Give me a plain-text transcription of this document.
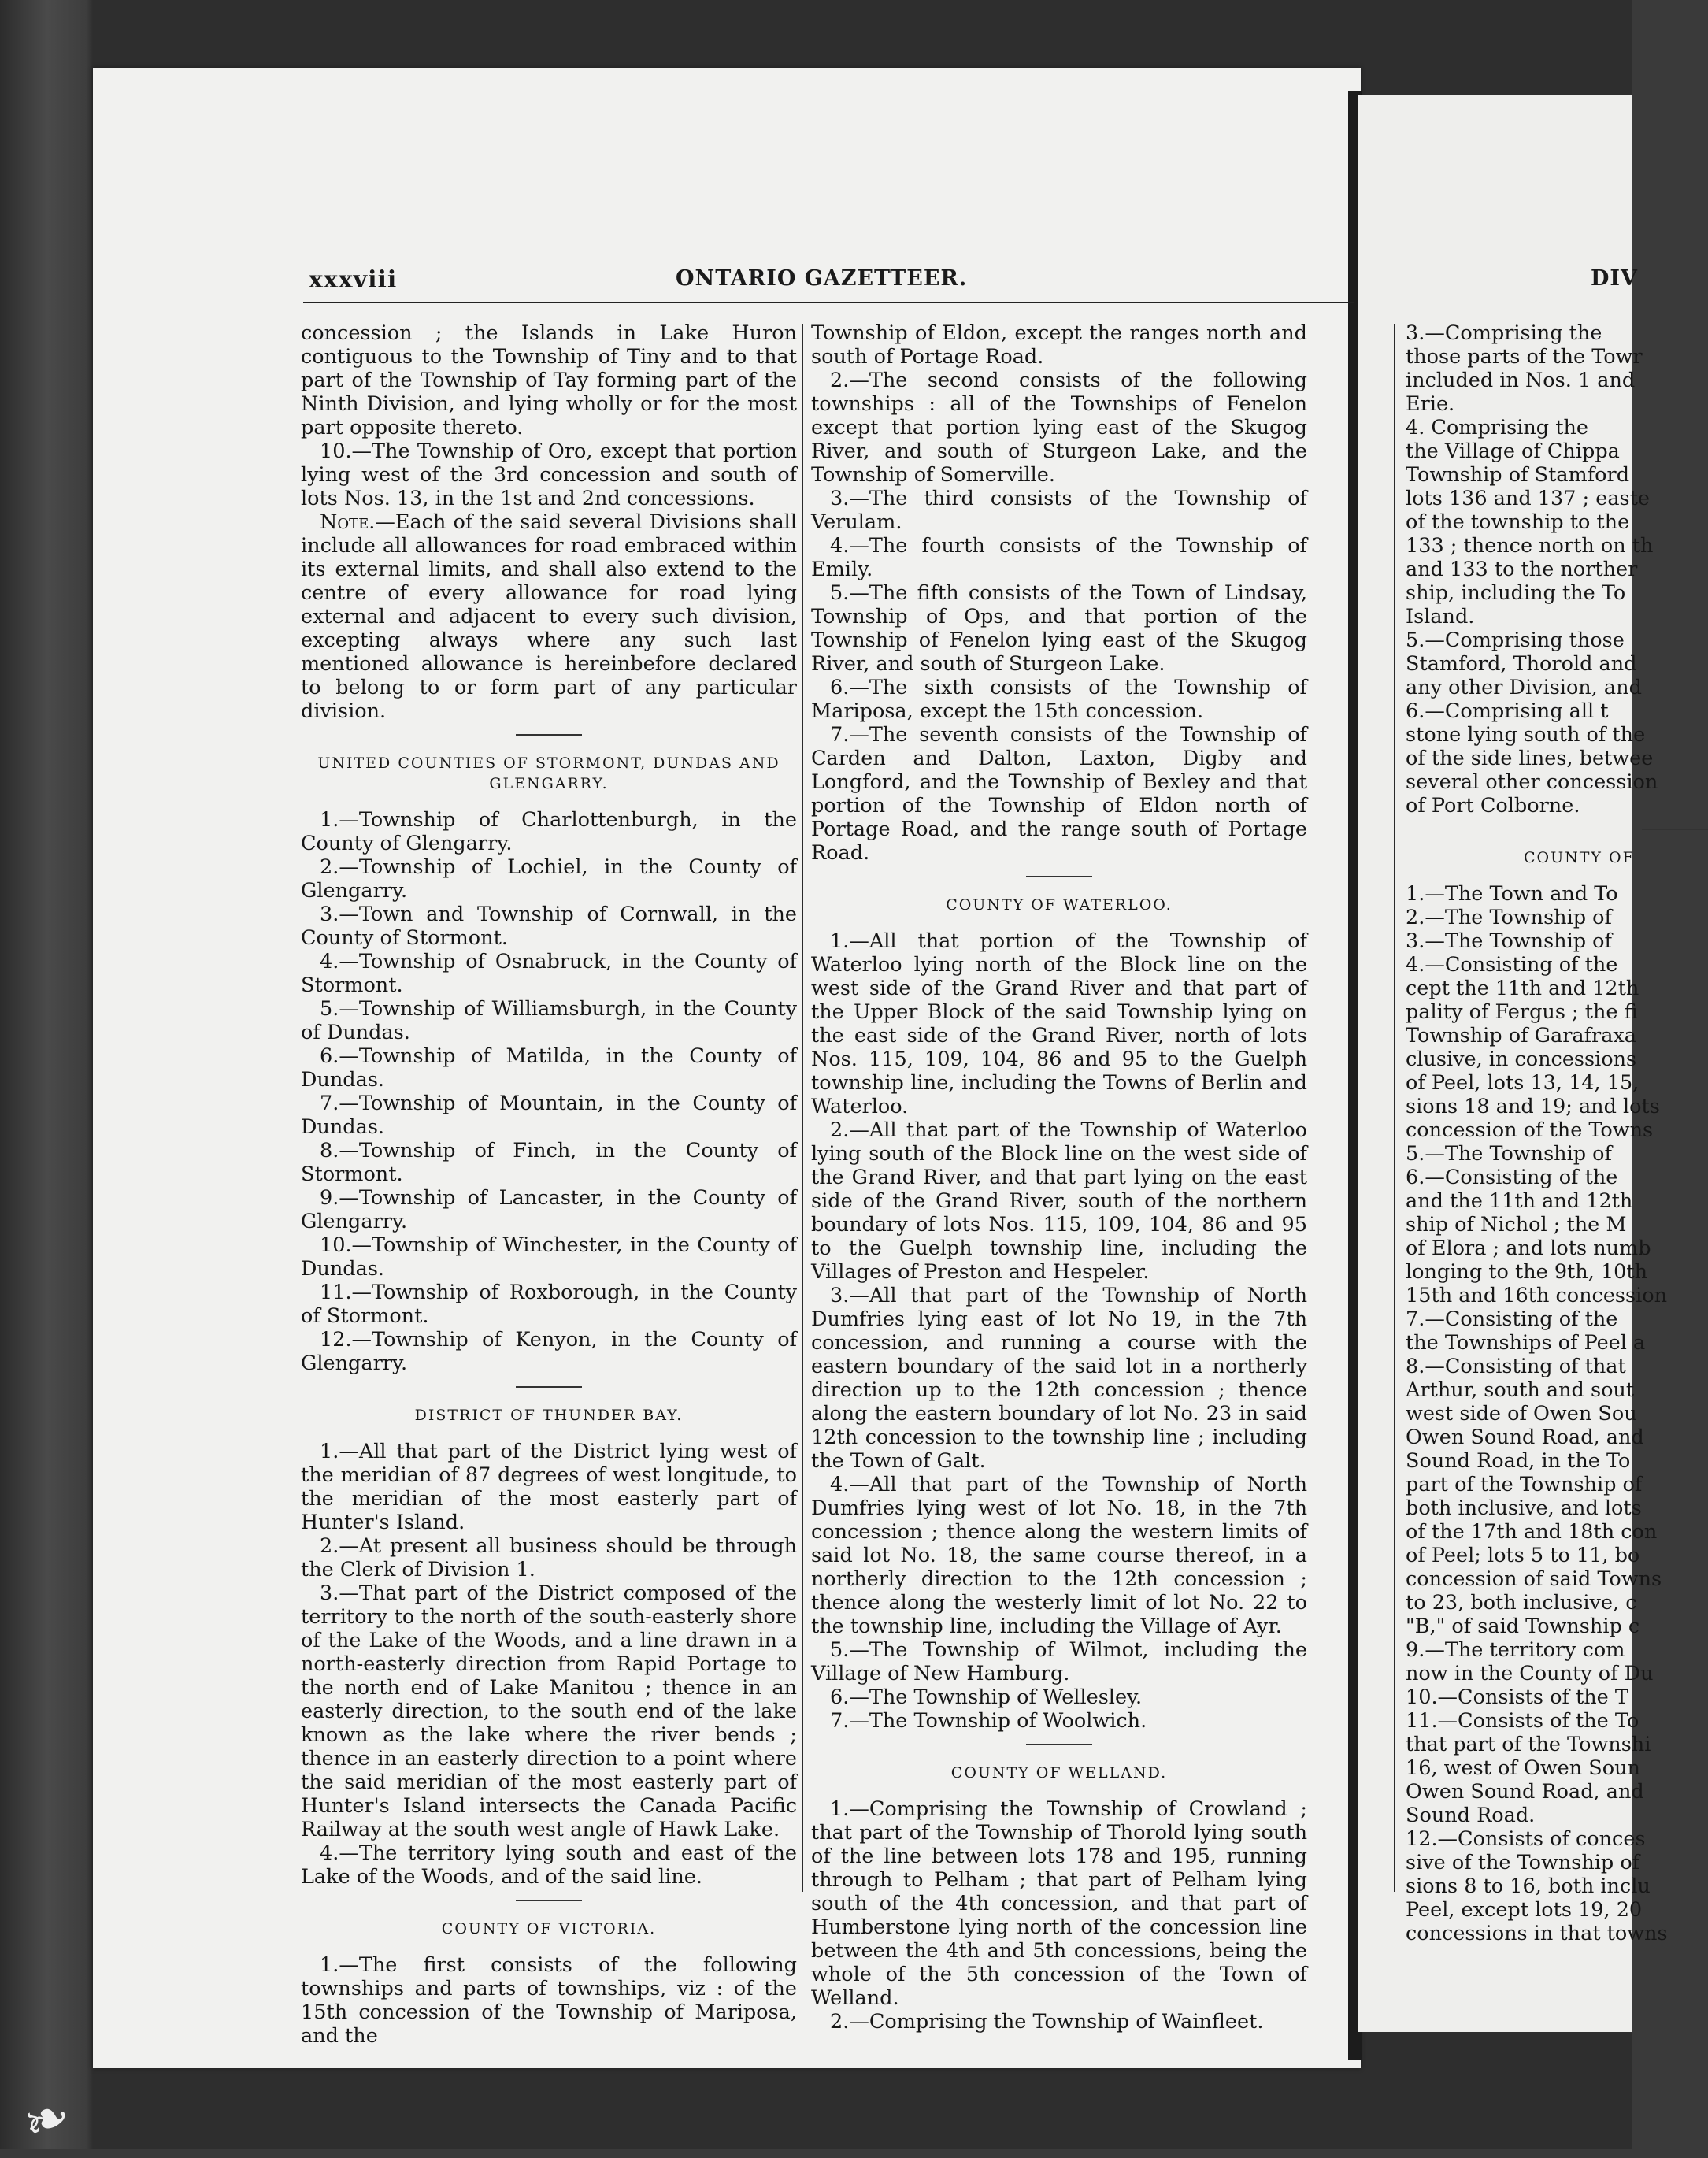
xxxviii	ONTARIO GAZETTEER.	DIV

concession ; the Islands in Lake Huron contiguous to the Township of Tiny and to that part of the Township of Tay forming part of the Ninth Division, and lying wholly or for the most part opposite thereto.

10.—The Township of Oro, except that portion lying west of the 3rd concession and south of lots Nos. 13, in the 1st and 2nd concessions.

Note.—Each of the said several Divisions shall include all allowances for road embraced within its external limits, and shall also extend to the centre of every allowance for road lying external and adjacent to every such division, excepting always where any such last mentioned allowance is hereinbefore declared to belong to or form part of any particular division.

UNITED COUNTIES OF STORMONT, DUNDAS AND GLENGARRY.

1.—Township of Charlottenburgh, in the County of Glengarry.

2.—Township of Lochiel, in the County of Glengarry.

3.—Town and Township of Cornwall, in the County of Stormont.

4.—Township of Osnabruck, in the County of Stormont.

5.—Township of Williamsburgh, in the County of Dundas.

6.—Township of Matilda, in the County of Dundas.

7.—Township of Mountain, in the County of Dundas.

8.—Township of Finch, in the County of Stormont.

9.—Township of Lancaster, in the County of Glengarry.

10.—Township of Winchester, in the County of Dundas.

11.—Township of Roxborough, in the County of Stormont.

12.—Township of Kenyon, in the County of Glengarry.

DISTRICT OF THUNDER BAY.

1.—All that part of the District lying west of the meridian of 87 degrees of west longitude, to the meridian of the most easterly part of Hunter's Island.

2.—At present all business should be through the Clerk of Division 1.

3.—That part of the District composed of the territory to the north of the south-easterly shore of the Lake of the Woods, and a line drawn in a north-easterly direction from Rapid Portage to the north end of Lake Manitou ; thence in an easterly direction, to the south end of the lake known as the lake where the river bends ; thence in an easterly direction to a point where the said meridian of the most easterly part of Hunter's Island intersects the Canada Pacific Railway at the south west angle of Hawk Lake.

4.—The territory lying south and east of the Lake of the Woods, and of the said line.

COUNTY OF VICTORIA.

1.—The first consists of the following townships and parts of townships, viz : of the 15th concession of the Township of Mariposa, and the

Township of Eldon, except the ranges north and south of Portage Road.

2.—The second consists of the following townships : all of the Townships of Fenelon except that portion lying east of the Skugog River, and south of Sturgeon Lake, and the Township of Somerville.

3.—The third consists of the Township of Verulam.

4.—The fourth consists of the Township of Emily.

5.—The fifth consists of the Town of Lindsay, Township of Ops, and that portion of the Township of Fenelon lying east of the Skugog River, and south of Sturgeon Lake.

6.—The sixth consists of the Township of Mariposa, except the 15th concession.

7.—The seventh consists of the Township of Carden and Dalton, Laxton, Digby and Longford, and the Township of Bexley and that portion of the Township of Eldon north of Portage Road, and the range south of Portage Road.

COUNTY OF WATERLOO.

1.—All that portion of the Township of Waterloo lying north of the Block line on the west side of the Grand River and that part of the Upper Block of the said Township lying on the east side of the Grand River, north of lots Nos. 115, 109, 104, 86 and 95 to the Guelph township line, including the Towns of Berlin and Waterloo.

2.—All that part of the Township of Waterloo lying south of the Block line on the west side of the Grand River, and that part lying on the east side of the Grand River, south of the northern boundary of lots Nos. 115, 109, 104, 86 and 95 to the Guelph township line, including the Villages of Preston and Hespeler.

3.—All that part of the Township of North Dumfries lying east of lot No 19, in the 7th concession, and running a course with the eastern boundary of the said lot in a northerly direction up to the 12th concession ; thence along the eastern boundary of lot No. 23 in said 12th concession to the township line ; including the Town of Galt.

4.—All that part of the Township of North Dumfries lying west of lot No. 18, in the 7th concession ; thence along the western limits of said lot No. 18, the same course thereof, in a northerly direction to the 12th concession ; thence along the westerly limit of lot No. 22 to the township line, including the Village of Ayr.

5.—The Township of Wilmot, including the Village of New Hamburg.

6.—The Township of Wellesley.

7.—The Township of Woolwich.

COUNTY OF WELLAND.

1.—Comprising the Township of Crowland ; that part of the Township of Thorold lying south of the line between lots 178 and 195, running through to Pelham ; that part of Pelham lying south of the 4th concession, and that part of Humberstone lying north of the concession line between the 4th and 5th concessions, being the whole of the 5th concession of the Town of Welland.

2.—Comprising the Township of Wainfleet.

3.—Comprising the
those parts of the Towr
included in Nos. 1 and
Erie.
4. Comprising the
the Village of Chippa
Township of Stamford
lots 136 and 137 ; easte
of the township to the
133 ; thence north on th
and 133 to the norther
ship, including the To
Island.
5.—Comprising those
Stamford, Thorold and
any other Division, and
6.—Comprising all t
stone lying south of the
of the side lines, betwee
several other concession
of Port Colborne.
COUNTY OF
1.—The Town and To
2.—The Township of
3.—The Township of
4.—Consisting of the
cept the 11th and 12th
pality of Fergus ; the fi
Township of Garafraxa
clusive, in concessions
of Peel, lots 13, 14, 15,
sions 18 and 19; and lots
concession of the Towns
5.—The Township of
6.—Consisting of the
and the 11th and 12th
ship of Nichol ; the M
of Elora ; and lots numb
longing to the 9th, 10th
15th and 16th concession
7.—Consisting of the
the Townships of Peel a
8.—Consisting of that
Arthur, south and sout
west side of Owen Sou
Owen Sound Road, and
Sound Road, in the To
part of the Township of
both inclusive, and lots
of the 17th and 18th con
of Peel; lots 5 to 11, bo
concession of said Towns
to 23, both inclusive, c
"B," of said Township c
9.—The territory com
now in the County of Du
10.—Consists of the T
11.—Consists of the To
that part of the Townshi
16, west of Owen Soun
Owen Sound Road, and
Sound Road.
12.—Consists of conces
sive of the Township of
sions 8 to 16, both inclu
Peel, except lots 19, 20
concessions in that towns
❧
